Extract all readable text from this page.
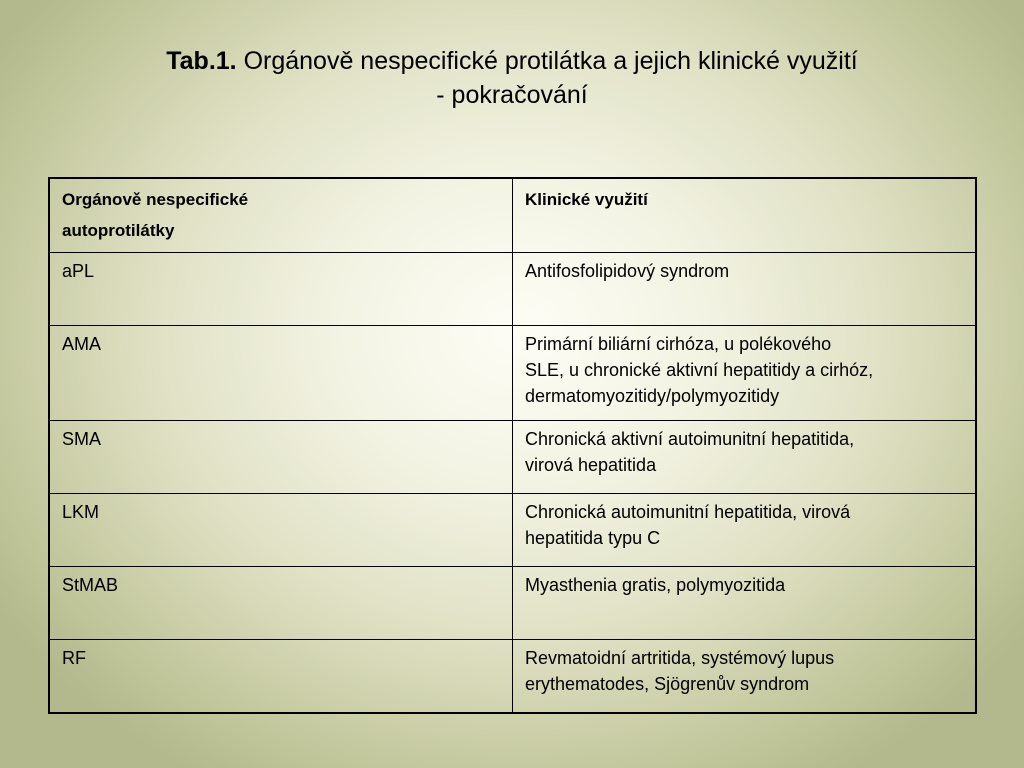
Tab.1. Orgánově nespecifické protilátka a jejich klinické využití
- pokračování
Orgánově nespecifické
autoprotilátky	Klinické využití
aPL	Antifosfolipidový syndrom
AMA	Primární biliární cirhóza, u polékového
SLE, u chronické aktivní hepatitidy a cirhóz,
dermatomyozitidy/polymyozitidy

SMA	Chronická aktivní autoimunitní hepatitida,
virová hepatitida

LKM	Chronická autoimunitní hepatitida, virová
hepatitida typu C

StMAB	Myasthenia gratis, polymyozitida
RF	Revmatoidní artritida, systémový lupus
erythematodes, Sjögrenův syndrom
